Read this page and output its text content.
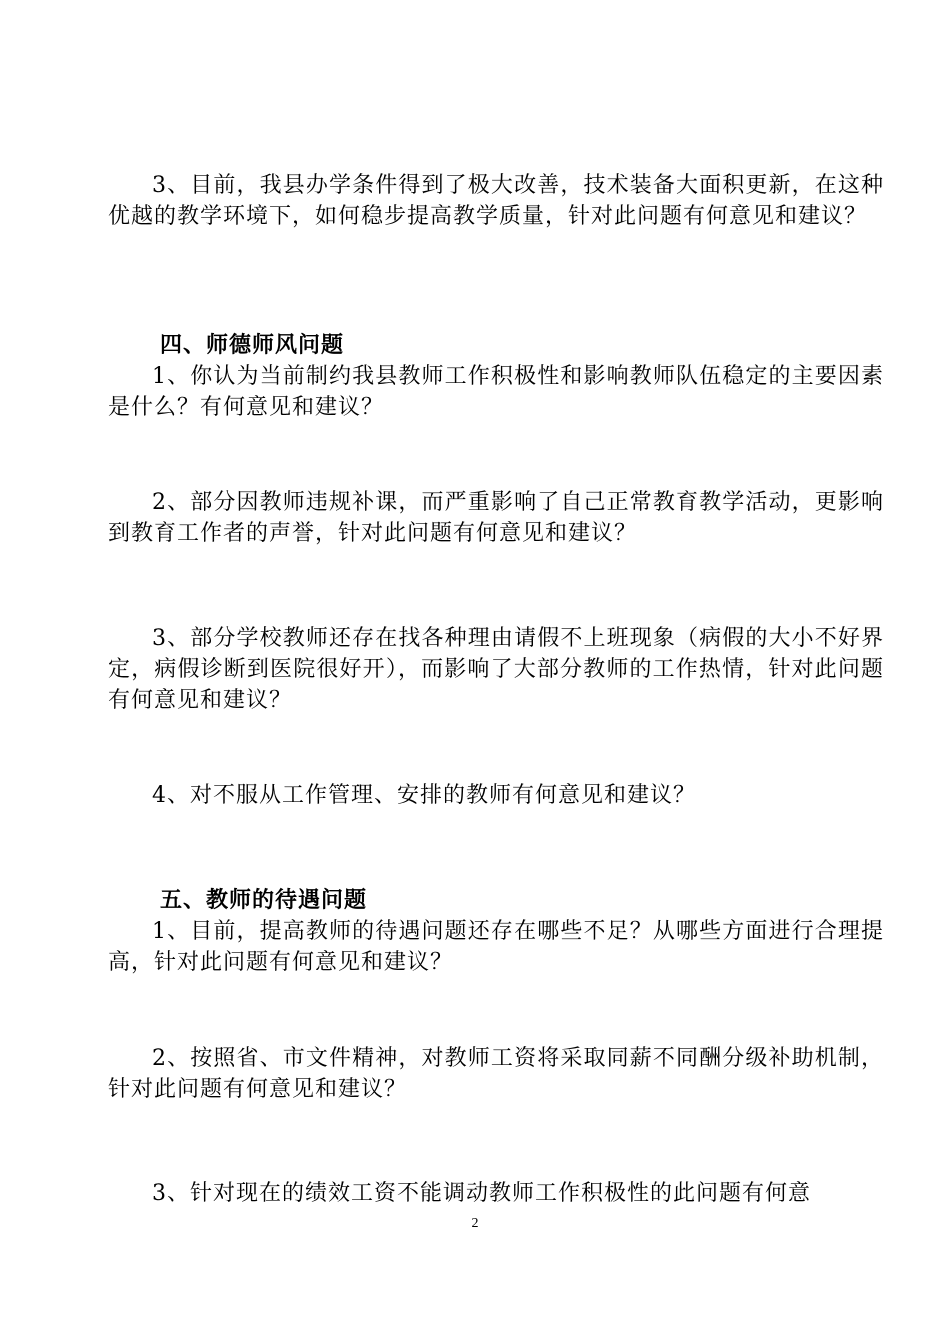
3、目前，我县办学条件得到了极大改善，技术装备大面积更新，在这种优越的教学环境下，如何稳步提高教学质量，针对此问题有何意见和建议？

四、师德师风问题

1、你认为当前制约我县教师工作积极性和影响教师队伍稳定的主要因素是什么？有何意见和建议？

2、部分因教师违规补课，而严重影响了自己正常教育教学活动，更影响到教育工作者的声誉，针对此问题有何意见和建议？

3、部分学校教师还存在找各种理由请假不上班现象（病假的大小不好界定，病假诊断到医院很好开），而影响了大部分教师的工作热情，针对此问题有何意见和建议？

4、对不服从工作管理、安排的教师有何意见和建议？

五、教师的待遇问题

1、目前，提高教师的待遇问题还存在哪些不足？从哪些方面进行合理提高，针对此问题有何意见和建议？

2、按照省、市文件精神，对教师工资将采取同薪不同酬分级补助机制，针对此问题有何意见和建议？

3、针对现在的绩效工资不能调动教师工作积极性的此问题有何意

2
